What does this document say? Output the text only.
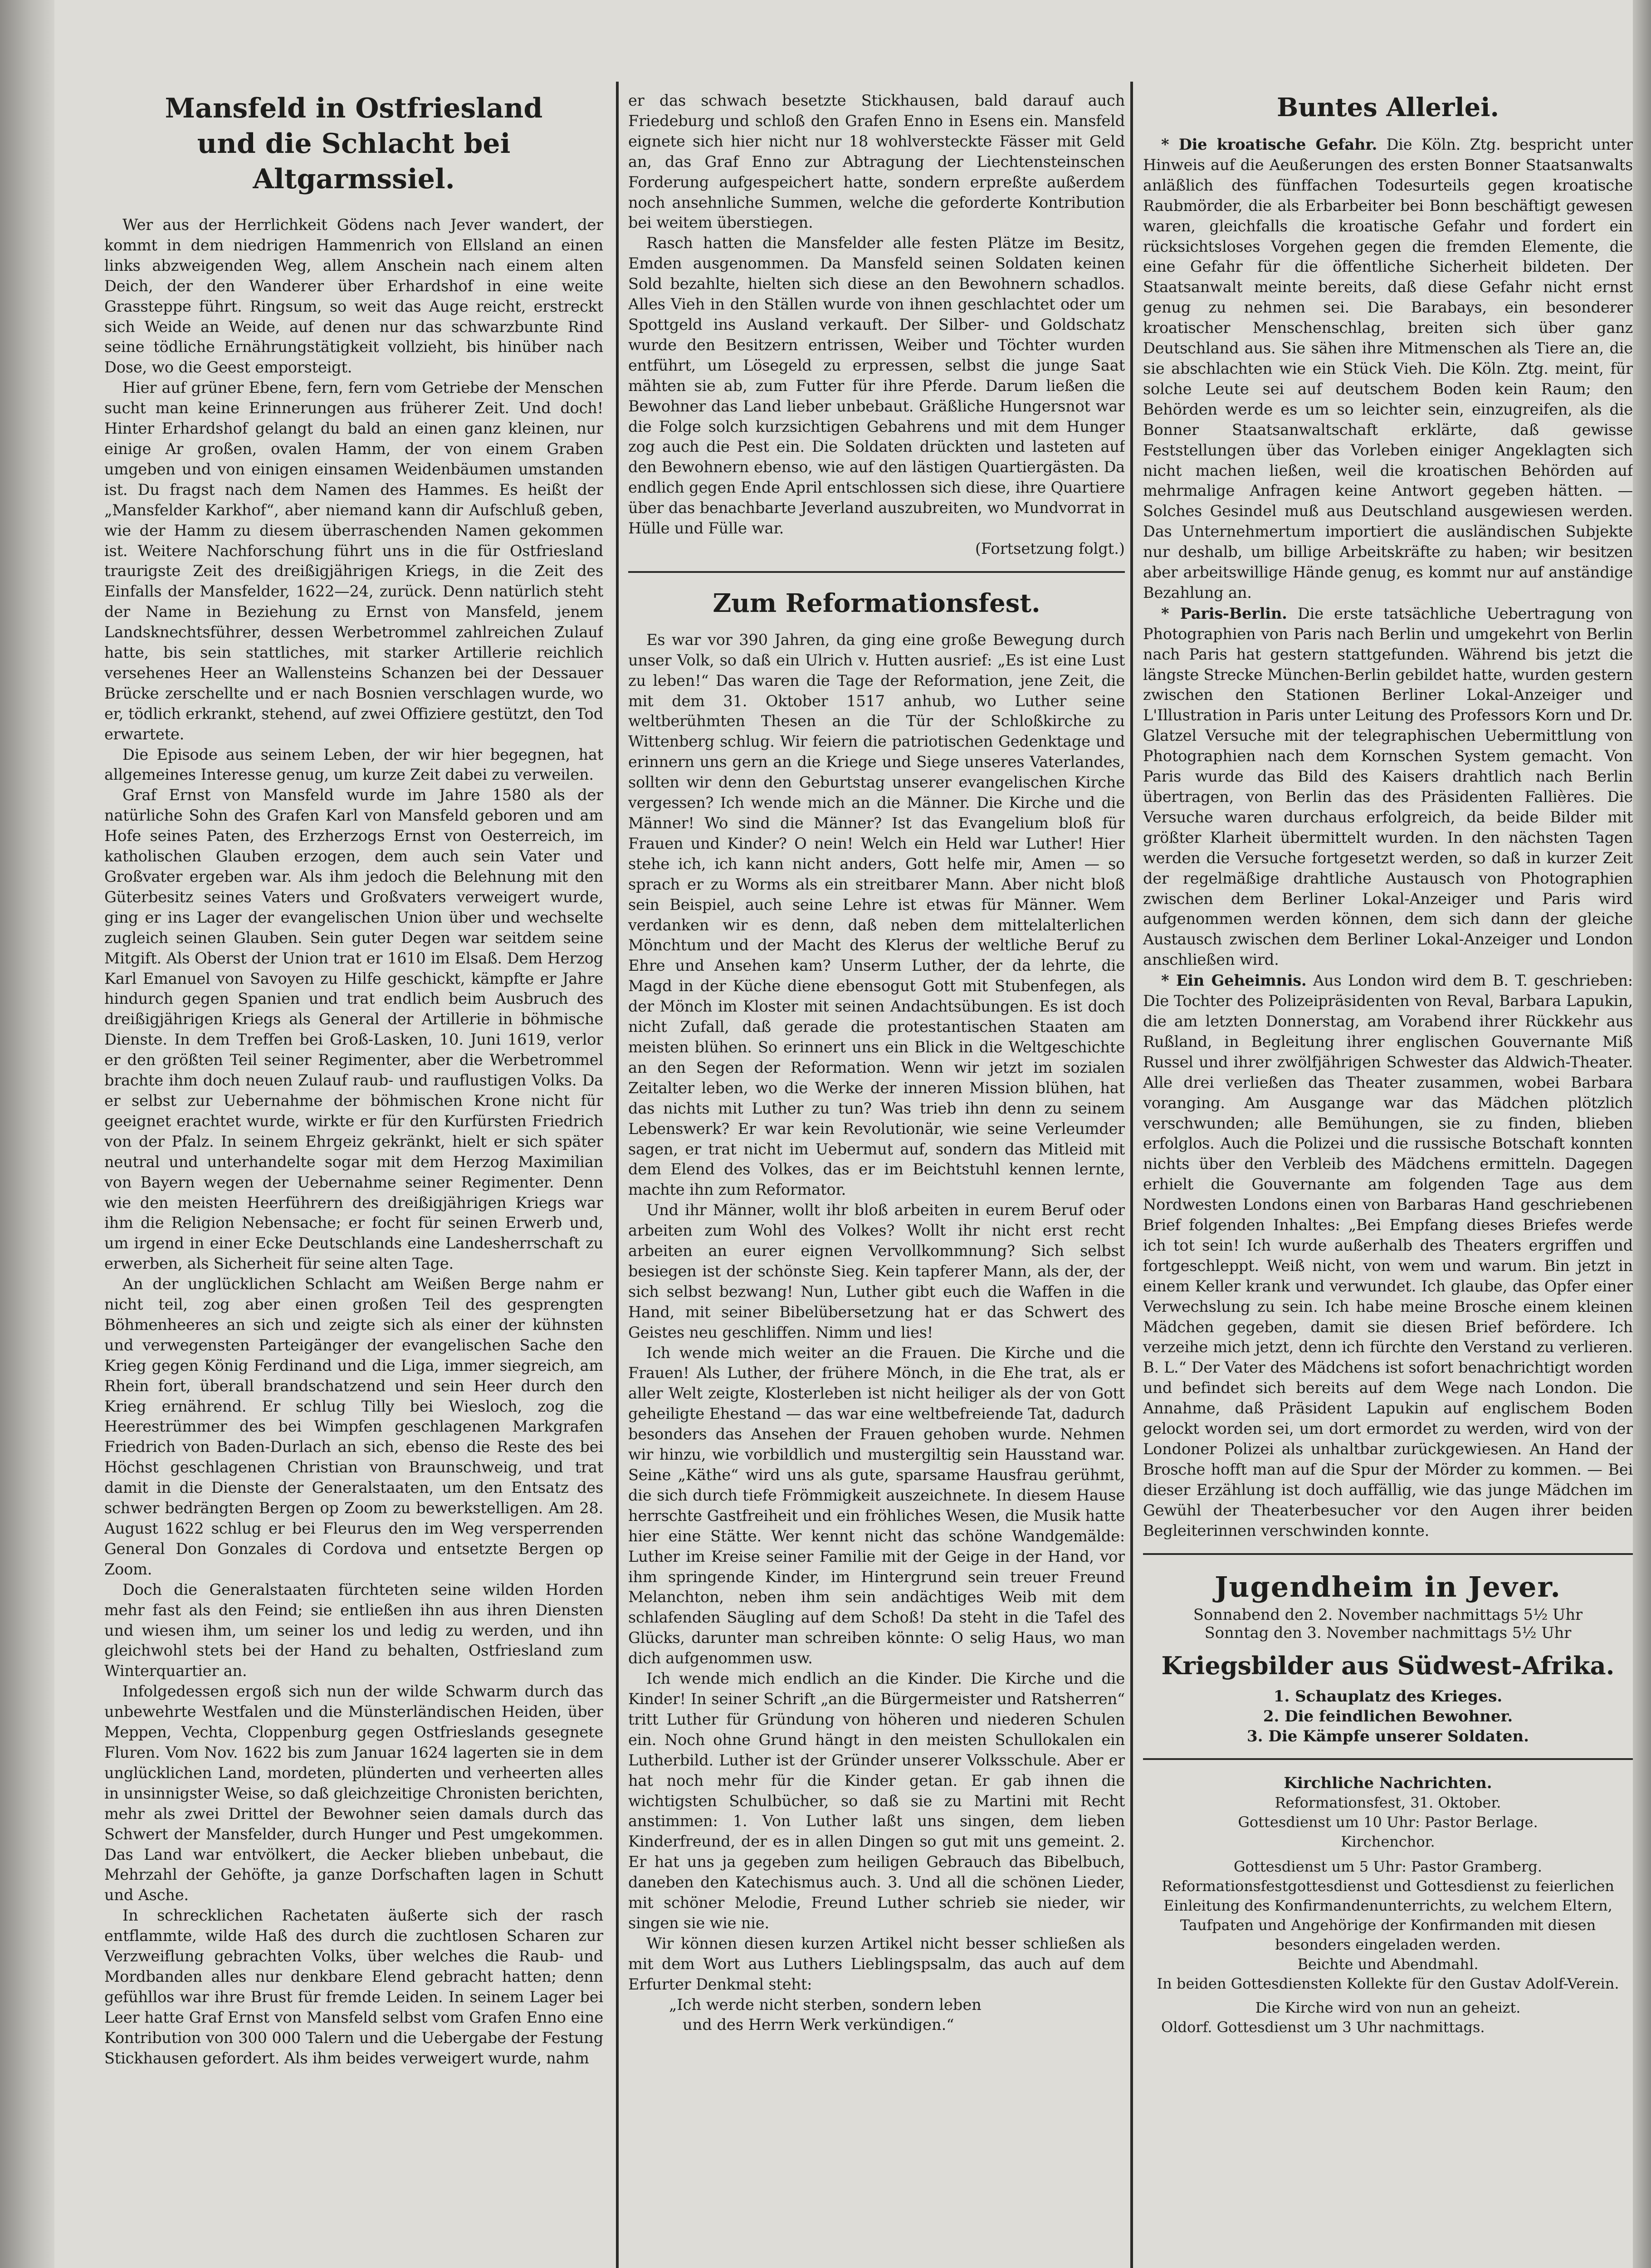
Mansfeld in Ostfriesland
und die Schlacht bei Altgarmssiel.

Wer aus der Herrlichkeit Gödens nach Jever wandert, der kommt in dem niedrigen Hammenrich von Ellsland an einen links abzweigenden Weg, allem Anschein nach einem alten Deich, der den Wanderer über Erhardshof in eine weite Grassteppe führt. Ringsum, so weit das Auge reicht, erstreckt sich Weide an Weide, auf denen nur das schwarzbunte Rind seine tödliche Ernährungstätigkeit vollzieht, bis hinüber nach Dose, wo die Geest emporsteigt.

Hier auf grüner Ebene, fern, fern vom Getriebe der Menschen sucht man keine Erinnerungen aus früherer Zeit. Und doch! Hinter Erhardshof gelangt du bald an einen ganz kleinen, nur einige Ar großen, ovalen Hamm, der von einem Graben umgeben und von einigen einsamen Weidenbäumen umstanden ist. Du fragst nach dem Namen des Hammes. Es heißt der „Mansfelder Karkhof“, aber niemand kann dir Aufschluß geben, wie der Hamm zu diesem überraschenden Namen gekommen ist. Weitere Nachforschung führt uns in die für Ostfriesland traurigste Zeit des dreißigjährigen Kriegs, in die Zeit des Einfalls der Mansfelder, 1622—24, zurück. Denn natürlich steht der Name in Beziehung zu Ernst von Mansfeld, jenem Landsknechtsführer, dessen Werbetrommel zahlreichen Zulauf hatte, bis sein stattliches, mit starker Artillerie reichlich versehenes Heer an Wallensteins Schanzen bei der Dessauer Brücke zerschellte und er nach Bosnien verschlagen wurde, wo er, tödlich erkrankt, stehend, auf zwei Offiziere gestützt, den Tod erwartete.

Die Episode aus seinem Leben, der wir hier begegnen, hat allgemeines Interesse genug, um kurze Zeit dabei zu verweilen.

Graf Ernst von Mansfeld wurde im Jahre 1580 als der natürliche Sohn des Grafen Karl von Mansfeld geboren und am Hofe seines Paten, des Erzherzogs Ernst von Oesterreich, im katholischen Glauben erzogen, dem auch sein Vater und Großvater ergeben war. Als ihm jedoch die Belehnung mit den Güterbesitz seines Vaters und Großvaters verweigert wurde, ging er ins Lager der evangelischen Union über und wechselte zugleich seinen Glauben. Sein guter Degen war seitdem seine Mitgift. Als Oberst der Union trat er 1610 im Elsaß. Dem Herzog Karl Emanuel von Savoyen zu Hilfe geschickt, kämpfte er Jahre hindurch gegen Spanien und trat endlich beim Ausbruch des dreißigjährigen Kriegs als General der Artillerie in böhmische Dienste. In dem Treffen bei Groß-Lasken, 10. Juni 1619, verlor er den größten Teil seiner Regimenter, aber die Werbetrommel brachte ihm doch neuen Zulauf raub- und rauflustigen Volks. Da er selbst zur Uebernahme der böhmischen Krone nicht für geeignet erachtet wurde, wirkte er für den Kurfürsten Friedrich von der Pfalz. In seinem Ehrgeiz gekränkt, hielt er sich später neutral und unterhandelte sogar mit dem Herzog Maximilian von Bayern wegen der Uebernahme seiner Regimenter. Denn wie den meisten Heerführern des dreißigjährigen Kriegs war ihm die Religion Nebensache; er focht für seinen Erwerb und, um irgend in einer Ecke Deutschlands eine Landesherrschaft zu erwerben, als Sicherheit für seine alten Tage.

An der unglücklichen Schlacht am Weißen Berge nahm er nicht teil, zog aber einen großen Teil des gesprengten Böhmenheeres an sich und zeigte sich als einer der kühnsten und verwegensten Parteigänger der evangelischen Sache den Krieg gegen König Ferdinand und die Liga, immer siegreich, am Rhein fort, überall brandschatzend und sein Heer durch den Krieg ernährend. Er schlug Tilly bei Wiesloch, zog die Heerestrümmer des bei Wimpfen geschlagenen Markgrafen Friedrich von Baden-Durlach an sich, ebenso die Reste des bei Höchst geschlagenen Christian von Braunschweig, und trat damit in die Dienste der Generalstaaten, um den Entsatz des schwer bedrängten Bergen op Zoom zu bewerkstelligen. Am 28. August 1622 schlug er bei Fleurus den im Weg versperrenden General Don Gonzales di Cordova und entsetzte Bergen op Zoom.

Doch die Generalstaaten fürchteten seine wilden Horden mehr fast als den Feind; sie entließen ihn aus ihren Diensten und wiesen ihm, um seiner los und ledig zu werden, und ihn gleichwohl stets bei der Hand zu behalten, Ostfriesland zum Winterquartier an.

Infolgedessen ergoß sich nun der wilde Schwarm durch das unbewehrte Westfalen und die Münsterländischen Heiden, über Meppen, Vechta, Cloppenburg gegen Ostfrieslands gesegnete Fluren. Vom Nov. 1622 bis zum Januar 1624 lagerten sie in dem unglücklichen Land, mordeten, plünderten und verheerten alles in unsinnigster Weise, so daß gleichzeitige Chronisten berichten, mehr als zwei Drittel der Bewohner seien damals durch das Schwert der Mansfelder, durch Hunger und Pest umgekommen. Das Land war entvölkert, die Aecker blieben unbebaut, die Mehrzahl der Gehöfte, ja ganze Dorfschaften lagen in Schutt und Asche.

In schrecklichen Rachetaten äußerte sich der rasch entflammte, wilde Haß des durch die zuchtlosen Scharen zur Verzweiflung gebrachten Volks, über welches die Raub- und Mordbanden alles nur denkbare Elend gebracht hatten; denn gefühllos war ihre Brust für fremde Leiden. In seinem Lager bei Leer hatte Graf Ernst von Mansfeld selbst vom Grafen Enno eine Kontribution von 300 000 Talern und die Uebergabe der Festung Stickhausen gefordert. Als ihm beides verweigert wurde, nahm

er das schwach besetzte Stickhausen, bald darauf auch Friedeburg und schloß den Grafen Enno in Esens ein. Mansfeld eignete sich hier nicht nur 18 wohlversteckte Fässer mit Geld an, das Graf Enno zur Abtragung der Liechtensteinschen Forderung aufgespeichert hatte, sondern erpreßte außerdem noch ansehnliche Summen, welche die geforderte Kontribution bei weitem überstiegen.

Rasch hatten die Mansfelder alle festen Plätze im Besitz, Emden ausgenommen. Da Mansfeld seinen Soldaten keinen Sold bezahlte, hielten sich diese an den Bewohnern schadlos. Alles Vieh in den Ställen wurde von ihnen geschlachtet oder um Spottgeld ins Ausland verkauft. Der Silber- und Goldschatz wurde den Besitzern entrissen, Weiber und Töchter wurden entführt, um Lösegeld zu erpressen, selbst die junge Saat mähten sie ab, zum Futter für ihre Pferde. Darum ließen die Bewohner das Land lieber unbebaut. Gräßliche Hungersnot war die Folge solch kurzsichtigen Gebahrens und mit dem Hunger zog auch die Pest ein. Die Soldaten drückten und lasteten auf den Bewohnern ebenso, wie auf den lästigen Quartiergästen. Da endlich gegen Ende April entschlossen sich diese, ihre Quartiere über das benachbarte Jeverland auszubreiten, wo Mundvorrat in Hülle und Fülle war.

(Fortsetzung folgt.)
Zum Reformationsfest.

Es war vor 390 Jahren, da ging eine große Bewegung durch unser Volk, so daß ein Ulrich v. Hutten ausrief: „Es ist eine Lust zu leben!“ Das waren die Tage der Reformation, jene Zeit, die mit dem 31. Oktober 1517 anhub, wo Luther seine weltberühmten Thesen an die Tür der Schloßkirche zu Wittenberg schlug. Wir feiern die patriotischen Gedenktage und erinnern uns gern an die Kriege und Siege unseres Vaterlandes, sollten wir denn den Geburtstag unserer evangelischen Kirche vergessen? Ich wende mich an die Männer. Die Kirche und die Männer! Wo sind die Männer? Ist das Evangelium bloß für Frauen und Kinder? O nein! Welch ein Held war Luther! Hier stehe ich, ich kann nicht anders, Gott helfe mir, Amen — so sprach er zu Worms als ein streitbarer Mann. Aber nicht bloß sein Beispiel, auch seine Lehre ist etwas für Männer. Wem verdanken wir es denn, daß neben dem mittelalterlichen Mönchtum und der Macht des Klerus der weltliche Beruf zu Ehre und Ansehen kam? Unserm Luther, der da lehrte, die Magd in der Küche diene ebensogut Gott mit Stubenfegen, als der Mönch im Kloster mit seinen Andachtsübungen. Es ist doch nicht Zufall, daß gerade die protestantischen Staaten am meisten blühen. So erinnert uns ein Blick in die Weltgeschichte an den Segen der Reformation. Wenn wir jetzt im sozialen Zeitalter leben, wo die Werke der inneren Mission blühen, hat das nichts mit Luther zu tun? Was trieb ihn denn zu seinem Lebenswerk? Er war kein Revolutionär, wie seine Verleumder sagen, er trat nicht im Uebermut auf, sondern das Mitleid mit dem Elend des Volkes, das er im Beichtstuhl kennen lernte, machte ihn zum Reformator.

Und ihr Männer, wollt ihr bloß arbeiten in eurem Beruf oder arbeiten zum Wohl des Volkes? Wollt ihr nicht erst recht arbeiten an eurer eignen Vervollkommnung? Sich selbst besiegen ist der schönste Sieg. Kein tapferer Mann, als der, der sich selbst bezwang! Nun, Luther gibt euch die Waffen in die Hand, mit seiner Bibelübersetzung hat er das Schwert des Geistes neu geschliffen. Nimm und lies!

Ich wende mich weiter an die Frauen. Die Kirche und die Frauen! Als Luther, der frühere Mönch, in die Ehe trat, als er aller Welt zeigte, Klosterleben ist nicht heiliger als der von Gott geheiligte Ehestand — das war eine weltbefreiende Tat, dadurch besonders das Ansehen der Frauen gehoben wurde. Nehmen wir hinzu, wie vorbildlich und mustergiltig sein Hausstand war. Seine „Käthe“ wird uns als gute, sparsame Hausfrau gerühmt, die sich durch tiefe Frömmigkeit auszeichnete. In diesem Hause herrschte Gastfreiheit und ein fröhliches Wesen, die Musik hatte hier eine Stätte. Wer kennt nicht das schöne Wandgemälde: Luther im Kreise seiner Familie mit der Geige in der Hand, vor ihm springende Kinder, im Hintergrund sein treuer Freund Melanchton, neben ihm sein andächtiges Weib mit dem schlafenden Säugling auf dem Schoß! Da steht in die Tafel des Glücks, darunter man schreiben könnte: O selig Haus, wo man dich aufgenommen usw.

Ich wende mich endlich an die Kinder. Die Kirche und die Kinder! In seiner Schrift „an die Bürgermeister und Ratsherren“ tritt Luther für Gründung von höheren und niederen Schulen ein. Noch ohne Grund hängt in den meisten Schullokalen ein Lutherbild. Luther ist der Gründer unserer Volksschule. Aber er hat noch mehr für die Kinder getan. Er gab ihnen die wichtigsten Schulbücher, so daß sie zu Martini mit Recht anstimmen: 1. Von Luther laßt uns singen, dem lieben Kinderfreund, der es in allen Dingen so gut mit uns gemeint. 2. Er hat uns ja gegeben zum heiligen Gebrauch das Bibelbuch, daneben den Katechismus auch. 3. Und all die schönen Lieder, mit schöner Melodie, Freund Luther schrieb sie nieder, wir singen sie wie nie.

Wir können diesen kurzen Artikel nicht besser schließen als mit dem Wort aus Luthers Lieblingspsalm, das auch auf dem Erfurter Denkmal steht:

„Ich werde nicht sterben, sondern leben
und des Herrn Werk verkündigen.“
Buntes Allerlei.

* Die kroatische Gefahr. Die Köln. Ztg. bespricht unter Hinweis auf die Aeußerungen des ersten Bonner Staatsanwalts anläßlich des fünffachen Todesurteils gegen kroatische Raubmörder, die als Erbarbeiter bei Bonn beschäftigt gewesen waren, gleichfalls die kroatische Gefahr und fordert ein rücksichtsloses Vorgehen gegen die fremden Elemente, die eine Gefahr für die öffentliche Sicherheit bildeten. Der Staatsanwalt meinte bereits, daß diese Gefahr nicht ernst genug zu nehmen sei. Die Barabays, ein besonderer kroatischer Menschenschlag, breiten sich über ganz Deutschland aus. Sie sähen ihre Mitmenschen als Tiere an, die sie abschlachten wie ein Stück Vieh. Die Köln. Ztg. meint, für solche Leute sei auf deutschem Boden kein Raum; den Behörden werde es um so leichter sein, einzugreifen, als die Bonner Staatsanwaltschaft erklärte, daß gewisse Feststellungen über das Vorleben einiger Angeklagten sich nicht machen ließen, weil die kroatischen Behörden auf mehrmalige Anfragen keine Antwort gegeben hätten. — Solches Gesindel muß aus Deutschland ausgewiesen werden. Das Unternehmertum importiert die ausländischen Subjekte nur deshalb, um billige Arbeitskräfte zu haben; wir besitzen aber arbeitswillige Hände genug, es kommt nur auf anständige Bezahlung an.

* Paris-Berlin. Die erste tatsächliche Uebertragung von Photographien von Paris nach Berlin und umgekehrt von Berlin nach Paris hat gestern stattgefunden. Während bis jetzt die längste Strecke München-Berlin gebildet hatte, wurden gestern zwischen den Stationen Berliner Lokal-Anzeiger und L'Illustration in Paris unter Leitung des Professors Korn und Dr. Glatzel Versuche mit der telegraphischen Uebermittlung von Photographien nach dem Kornschen System gemacht. Von Paris wurde das Bild des Kaisers drahtlich nach Berlin übertragen, von Berlin das des Präsidenten Fallières. Die Versuche waren durchaus erfolgreich, da beide Bilder mit größter Klarheit übermittelt wurden. In den nächsten Tagen werden die Versuche fortgesetzt werden, so daß in kurzer Zeit der regelmäßige drahtliche Austausch von Photographien zwischen dem Berliner Lokal-Anzeiger und Paris wird aufgenommen werden können, dem sich dann der gleiche Austausch zwischen dem Berliner Lokal-Anzeiger und London anschließen wird.

* Ein Geheimnis. Aus London wird dem B. T. geschrieben: Die Tochter des Polizeipräsidenten von Reval, Barbara Lapukin, die am letzten Donnerstag, am Vorabend ihrer Rückkehr aus Rußland, in Begleitung ihrer englischen Gouvernante Miß Russel und ihrer zwölfjährigen Schwester das Aldwich-Theater. Alle drei verließen das Theater zusammen, wobei Barbara voranging. Am Ausgange war das Mädchen plötzlich verschwunden; alle Bemühungen, sie zu finden, blieben erfolglos. Auch die Polizei und die russische Botschaft konnten nichts über den Verbleib des Mädchens ermitteln. Dagegen erhielt die Gouvernante am folgenden Tage aus dem Nordwesten Londons einen von Barbaras Hand geschriebenen Brief folgenden Inhaltes: „Bei Empfang dieses Briefes werde ich tot sein! Ich wurde außerhalb des Theaters ergriffen und fortgeschleppt. Weiß nicht, von wem und warum. Bin jetzt in einem Keller krank und verwundet. Ich glaube, das Opfer einer Verwechslung zu sein. Ich habe meine Brosche einem kleinen Mädchen gegeben, damit sie diesen Brief befördere. Ich verzeihe mich jetzt, denn ich fürchte den Verstand zu verlieren. B. L.“ Der Vater des Mädchens ist sofort benachrichtigt worden und befindet sich bereits auf dem Wege nach London. Die Annahme, daß Präsident Lapukin auf englischem Boden gelockt worden sei, um dort ermordet zu werden, wird von der Londoner Polizei als unhaltbar zurückgewiesen. An Hand der Brosche hofft man auf die Spur der Mörder zu kommen. — Bei dieser Erzählung ist doch auffällig, wie das junge Mädchen im Gewühl der Theaterbesucher vor den Augen ihrer beiden Begleiterinnen verschwinden konnte.

Jugendheim in Jever.
Sonnabend den 2. November nachmittags 5½ Uhr
Sonntag den 3. November nachmittags 5½ Uhr
Kriegsbilder aus Südwest-Afrika.
1. Schauplatz des Krieges.
2. Die feindlichen Bewohner.
3. Die Kämpfe unserer Soldaten.
Kirchliche Nachrichten.
Reformationsfest, 31. Oktober.
Gottesdienst um 10 Uhr: Pastor Berlage.
Kirchenchor.
Gottesdienst um 5 Uhr: Pastor Gramberg.
Reformationsfestgottesdienst und Gottesdienst zu feierlichen Einleitung des Konfirmandenunterrichts, zu welchem Eltern, Taufpaten und Angehörige der Konfirmanden mit diesen besonders eingeladen werden.
Beichte und Abendmahl.
In beiden Gottesdiensten Kollekte für den Gustav Adolf-Verein.
Die Kirche wird von nun an geheizt.
Oldorf. Gottesdienst um 3 Uhr nachmittags.
